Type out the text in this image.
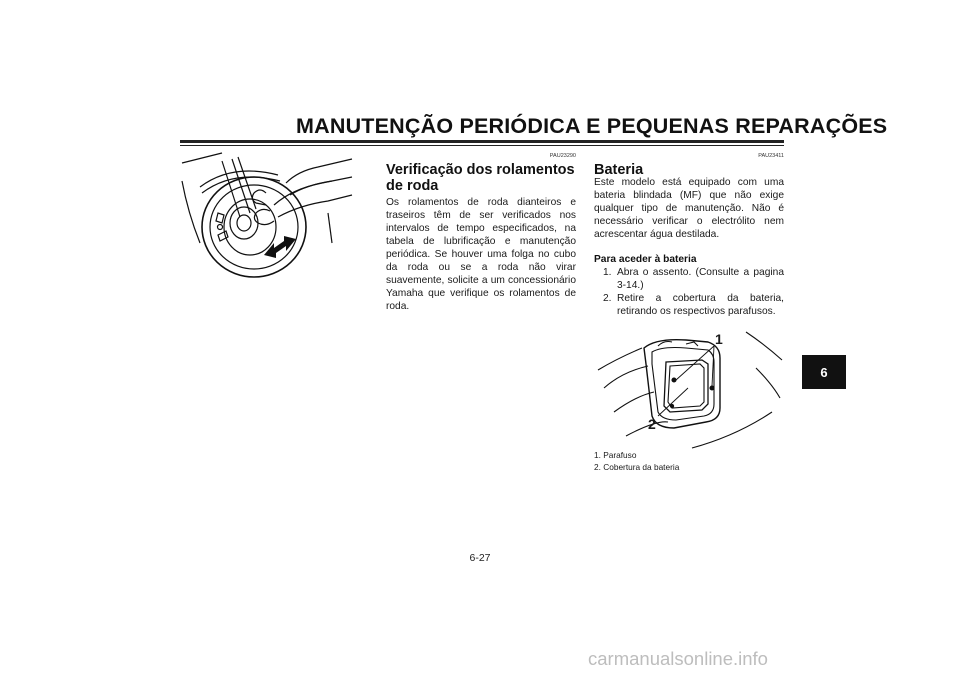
MANUTENÇÃO PERIÓDICA E PEQUENAS REPARAÇÕES
PAU23290
Verificação dos rolamentos de roda
Os rolamentos de roda dianteiros e traseiros têm de ser verificados nos intervalos de tempo especificados, na tabela de lubrificação e manutenção periódica. Se houver uma folga no cubo da roda ou se a roda não virar suavemente, solicite a um concessionário Yamaha que verifique os rolamentos de roda.
PAU23411
Bateria
Este modelo está equipado com uma bateria blindada (MF) que não exige qualquer tipo de manutenção. Não é necessário verificar o electrólito nem acrescentar água destilada.
Para aceder à bateria
1. Abra o assento. (Consulte a pagina 3-14.)
2. Retire a cobertura da bateria, retirando os respectivos parafusos.
1
2
1. Parafuso
2. Cobertura da bateria
6
6-27
carmanualsonline.info
